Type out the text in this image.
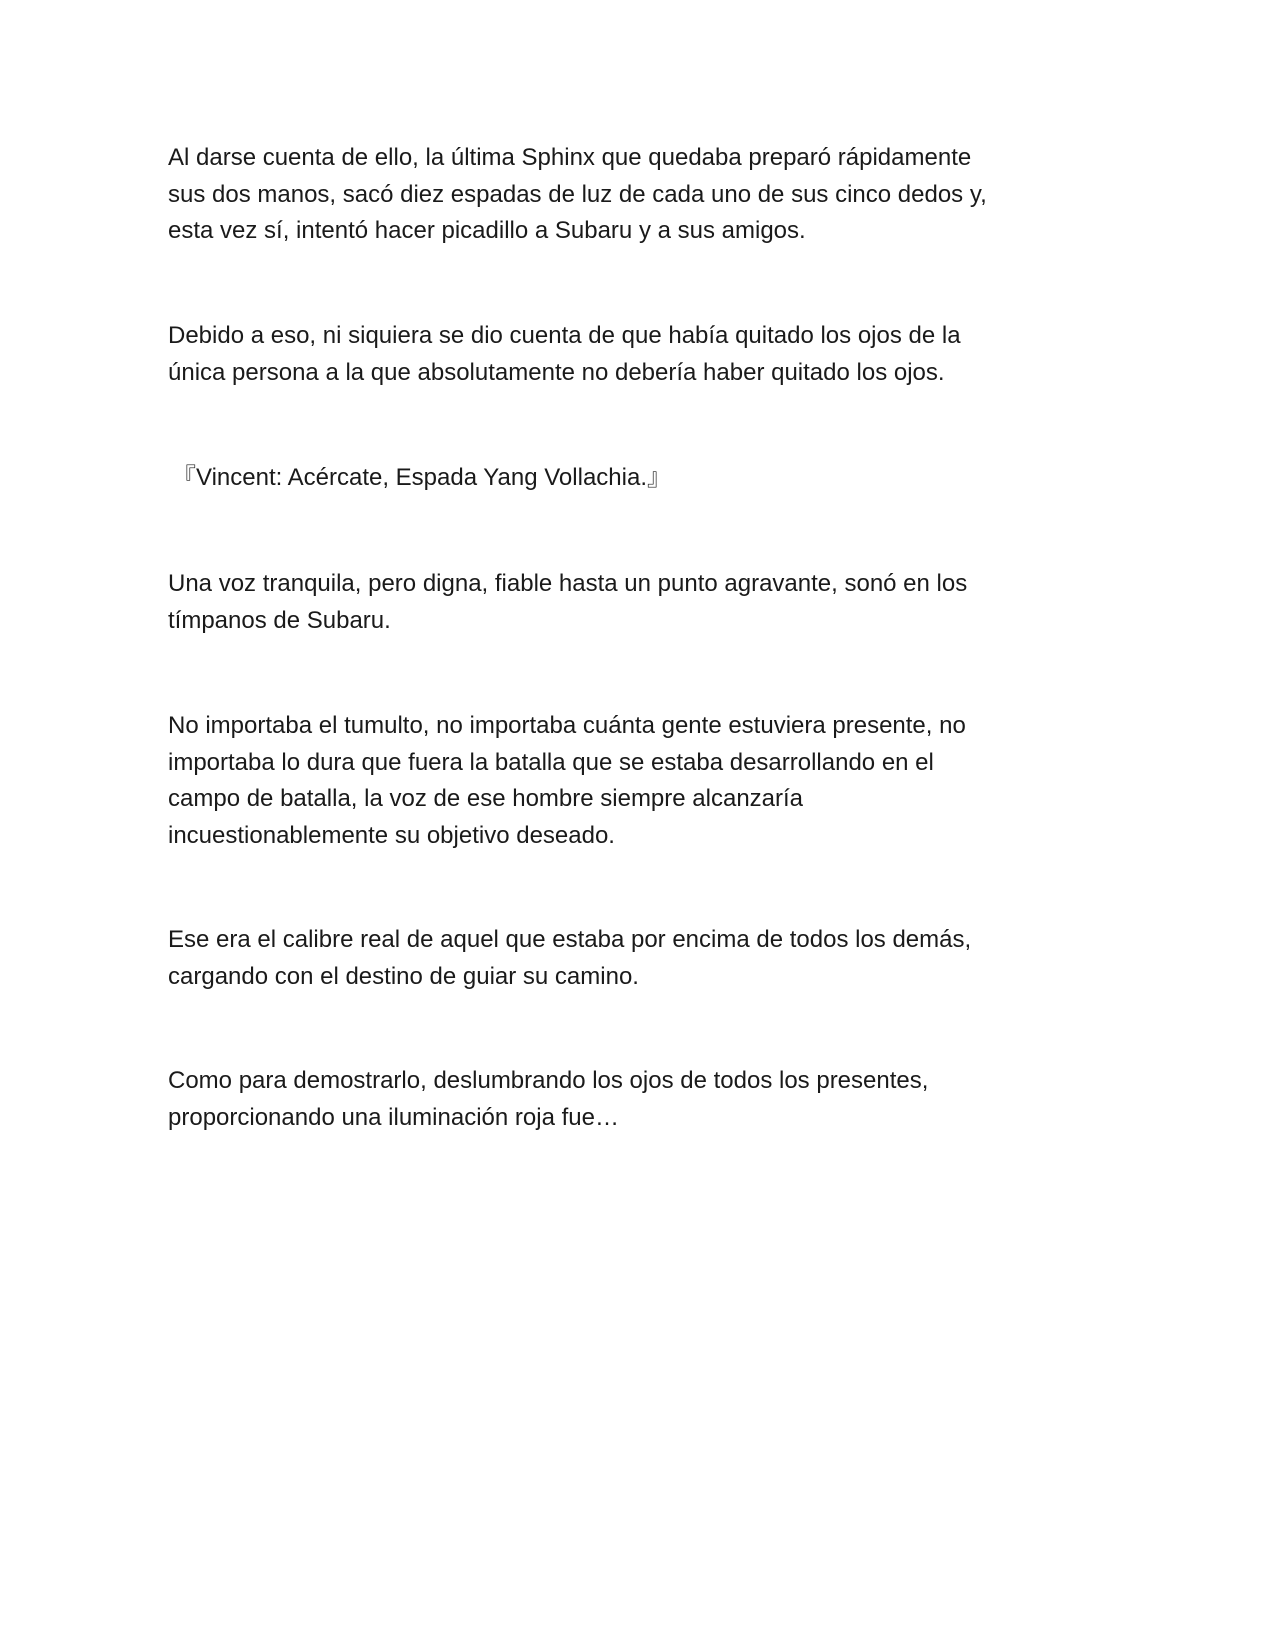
Al darse cuenta de ello, la última Sphinx que quedaba preparó rápidamente
sus dos manos, sacó diez espadas de luz de cada uno de sus cinco dedos y,
esta vez sí, intentó hacer picadillo a Subaru y a sus amigos.

Debido a eso, ni siquiera se dio cuenta de que había quitado los ojos de la
única persona a la que absolutamente no debería haber quitado los ojos.

『Vincent: Acércate, Espada Yang Vollachia.』

Una voz tranquila, pero digna, fiable hasta un punto agravante, sonó en los
tímpanos de Subaru.

No importaba el tumulto, no importaba cuánta gente estuviera presente, no
importaba lo dura que fuera la batalla que se estaba desarrollando en el
campo de batalla, la voz de ese hombre siempre alcanzaría
incuestionablemente su objetivo deseado.

Ese era el calibre real de aquel que estaba por encima de todos los demás,
cargando con el destino de guiar su camino.

Como para demostrarlo, deslumbrando los ojos de todos los presentes,
proporcionando una iluminación roja fue…
